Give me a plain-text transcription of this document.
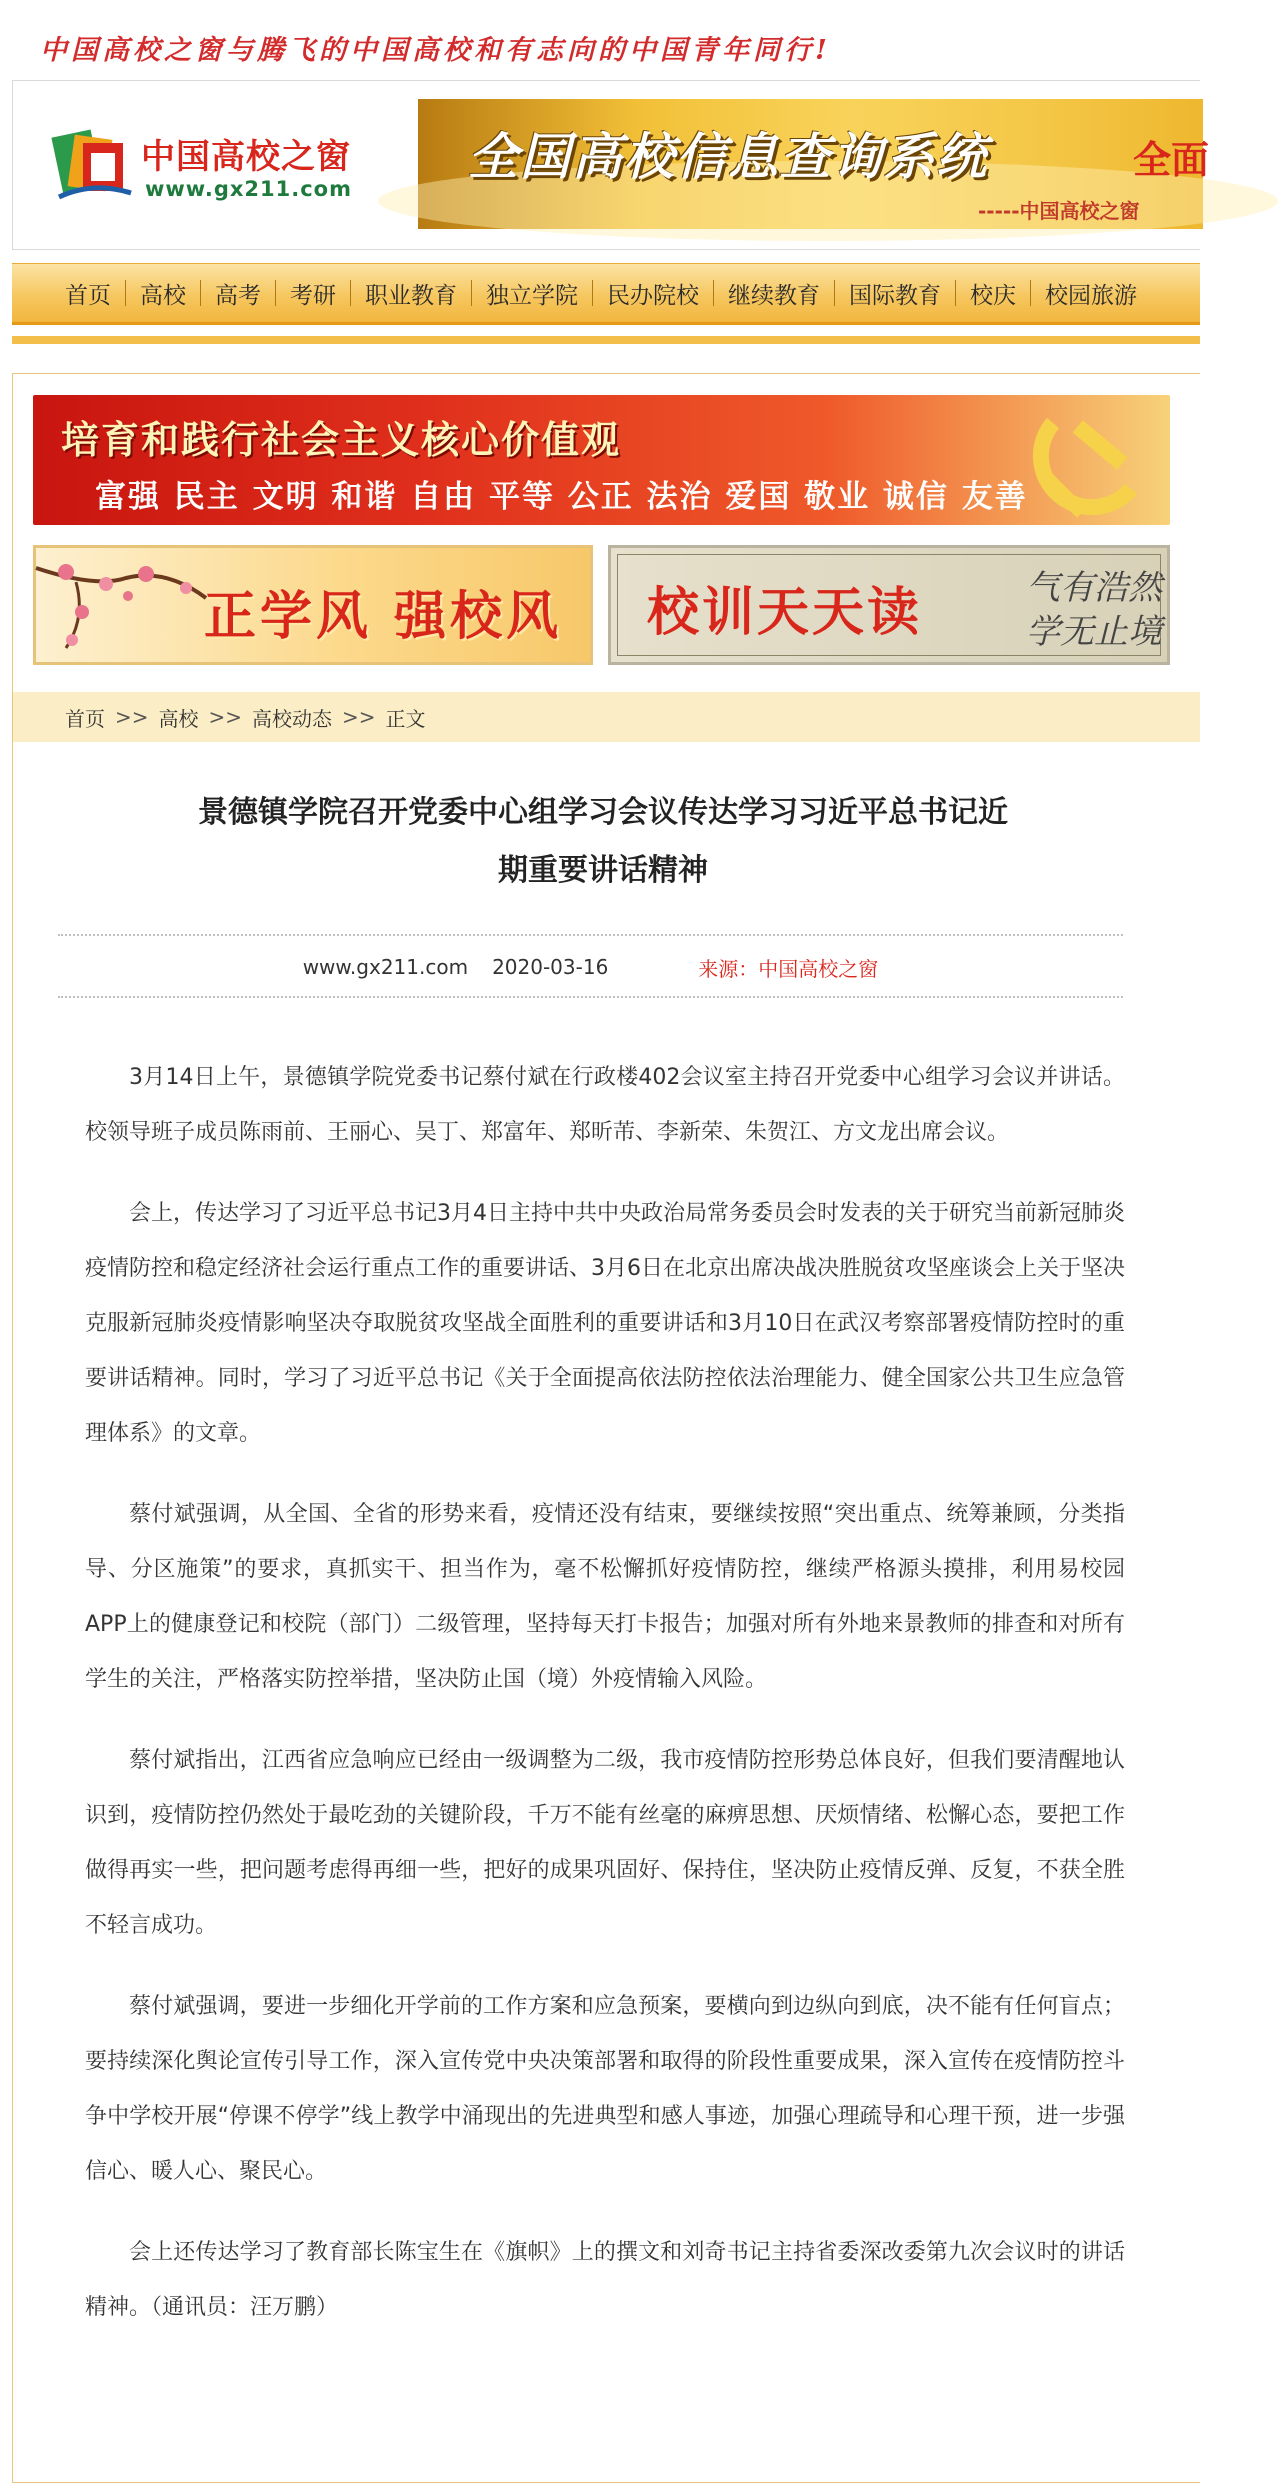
中国高校之窗与腾飞的中国高校和有志向的中国青年同行!
中国高校之窗
www.gx211.com
全国高校信息查询系统	全面
-----中国高校之窗
首页	高校	高考	考研	职业教育	独立学院	民办院校	继续教育	国际教育	校庆	校园旅游
培育和践行社会主义核心价值观
富强 民主 文明 和谐 自由 平等 公正 法治 爱国 敬业 诚信 友善
正学风 强校风 校训天天读	气有浩然
学无止境
首页 >> 高校 >> 高校动态 >> 正文
景德镇学院召开党委中心组学习会议传达学习习近平总书记近
期重要讲话精神
www.gx211.com 2020-03-16	来源： 中国高校之窗

3月14日上午，景德镇学院党委书记蔡付斌在行政楼402会议室主持召开党委中心组学习会议并讲话。校领导班子成员陈雨前、王丽心、吴丁、郑富年、郑昕芾、李新荣、朱贺江、方文龙出席会议。

会上，传达学习了习近平总书记3月4日主持中共中央政治局常务委员会时发表的关于研究当前新冠肺炎疫情防控和稳定经济社会运行重点工作的重要讲话、3月6日在北京出席决战决胜脱贫攻坚座谈会上关于坚决克服新冠肺炎疫情影响坚决夺取脱贫攻坚战全面胜利的重要讲话和3月10日在武汉考察部署疫情防控时的重要讲话精神。同时，学习了习近平总书记《关于全面提高依法防控依法治理能力、健全国家公共卫生应急管理体系》的文章。

蔡付斌强调，从全国、全省的形势来看，疫情还没有结束，要继续按照“突出重点、统筹兼顾，分类指导、分区施策”的要求，真抓实干、担当作为，毫不松懈抓好疫情防控，继续严格源头摸排，利用易校园APP上的健康登记和校院（部门）二级管理，坚持每天打卡报告；加强对所有外地来景教师的排查和对所有学生的关注，严格落实防控举措，坚决防止国（境）外疫情输入风险。

蔡付斌指出，江西省应急响应已经由一级调整为二级，我市疫情防控形势总体良好，但我们要清醒地认识到，疫情防控仍然处于最吃劲的关键阶段，千万不能有丝毫的麻痹思想、厌烦情绪、松懈心态，要把工作做得再实一些，把问题考虑得再细一些，把好的成果巩固好、保持住，坚决防止疫情反弹、反复，不获全胜不轻言成功。

蔡付斌强调，要进一步细化开学前的工作方案和应急预案，要横向到边纵向到底，决不能有任何盲点；要持续深化舆论宣传引导工作，深入宣传党中央决策部署和取得的阶段性重要成果，深入宣传在疫情防控斗争中学校开展“停课不停学”线上教学中涌现出的先进典型和感人事迹，加强心理疏导和心理干预，进一步强信心、暖人心、聚民心。

会上还传达学习了教育部长陈宝生在《旗帜》上的撰文和刘奇书记主持省委深改委第九次会议时的讲话精神。（通讯员：汪万鹏）
